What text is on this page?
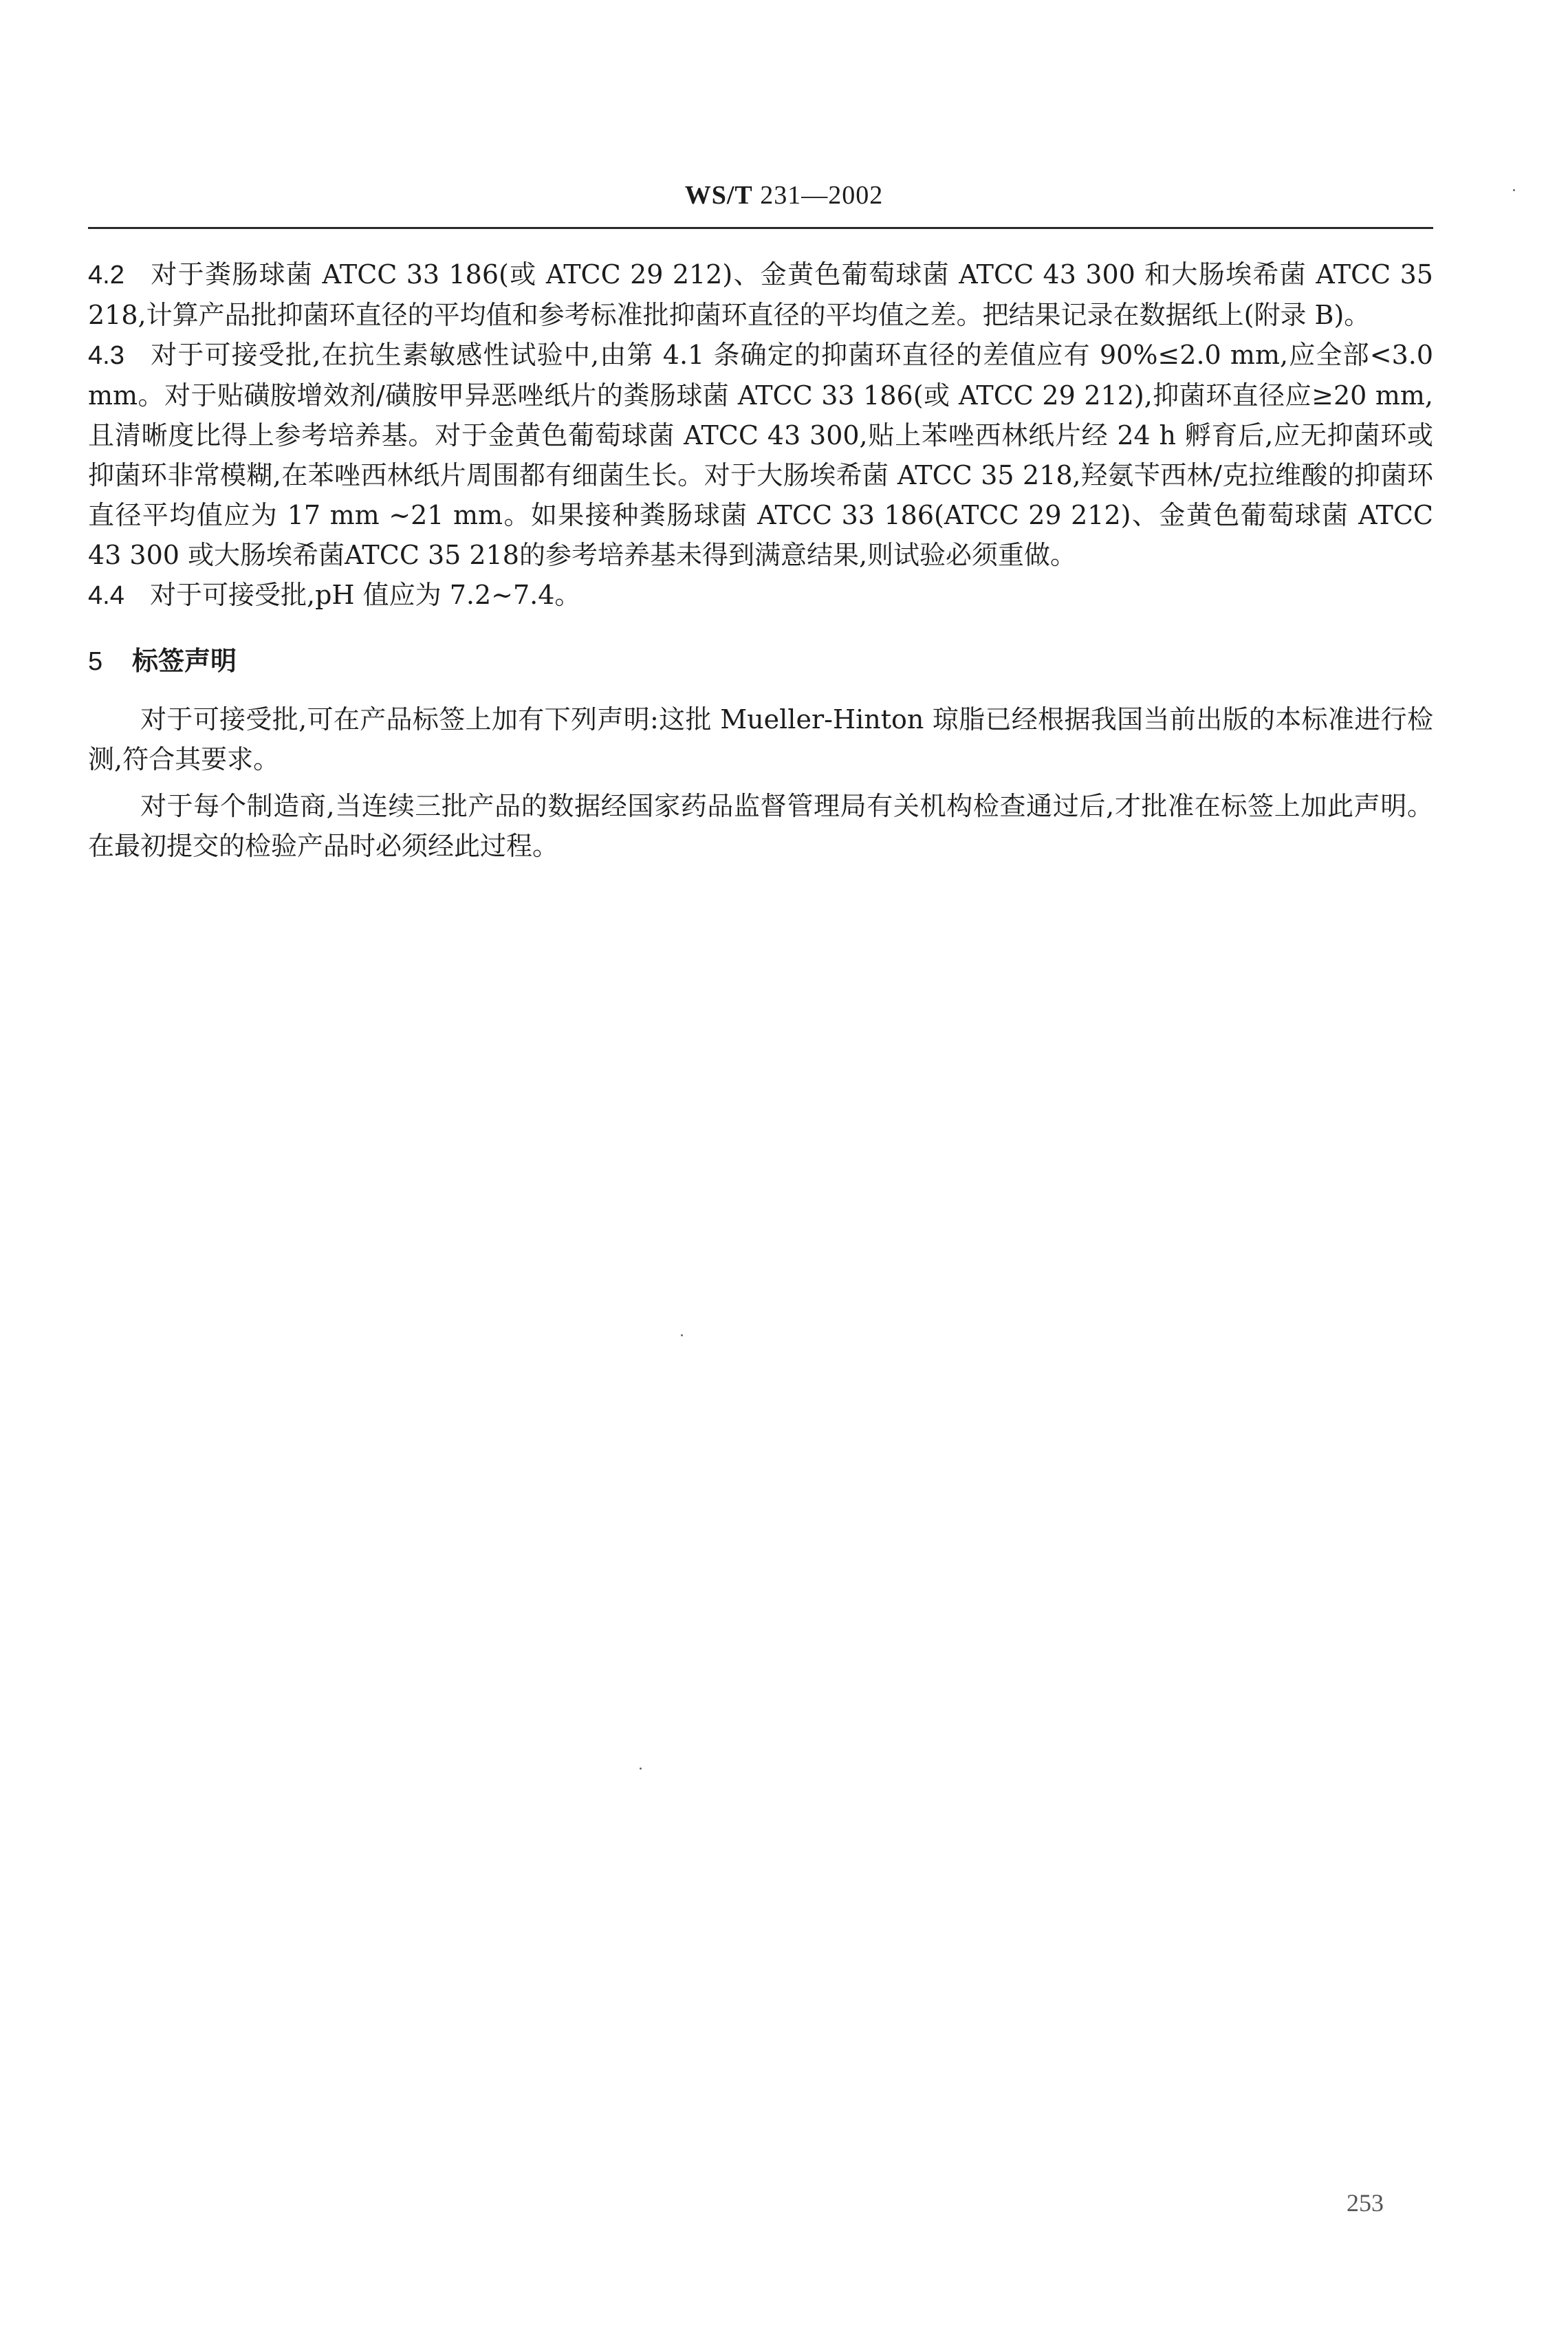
WS/T 231—2002

4.2 对于粪肠球菌 ATCC 33 186(或 ATCC 29 212)、金黄色葡萄球菌 ATCC 43 300 和大肠埃希菌 ATCC 35 218,计算产品批抑菌环直径的平均值和参考标准批抑菌环直径的平均值之差。把结果记录在数据纸上(附录 B)。

4.3 对于可接受批,在抗生素敏感性试验中,由第 4.1 条确定的抑菌环直径的差值应有 90%≤2.0 mm,应全部<3.0 mm。对于贴磺胺增效剂/磺胺甲异恶唑纸片的粪肠球菌 ATCC 33 186(或 ATCC 29 212),抑菌环直径应≥20 mm,且清晰度比得上参考培养基。对于金黄色葡萄球菌 ATCC 43 300,贴上苯唑西林纸片经 24 h 孵育后,应无抑菌环或抑菌环非常模糊,在苯唑西林纸片周围都有细菌生长。对于大肠埃希菌 ATCC 35 218,羟氨苄西林/克拉维酸的抑菌环直径平均值应为 17 mm ~21 mm。如果接种粪肠球菌 ATCC 33 186(ATCC 29 212)、金黄色葡萄球菌 ATCC 43 300 或大肠埃希菌ATCC 35 218的参考培养基未得到满意结果,则试验必须重做。

4.4 对于可接受批,pH 值应为 7.2~7.4。

5 标签声明

对于可接受批,可在产品标签上加有下列声明:这批 Mueller-Hinton 琼脂已经根据我国当前出版的本标准进行检测,符合其要求。

对于每个制造商,当连续三批产品的数据经国家药品监督管理局有关机构检查通过后,才批准在标签上加此声明。在最初提交的检验产品时必须经此过程。

253
